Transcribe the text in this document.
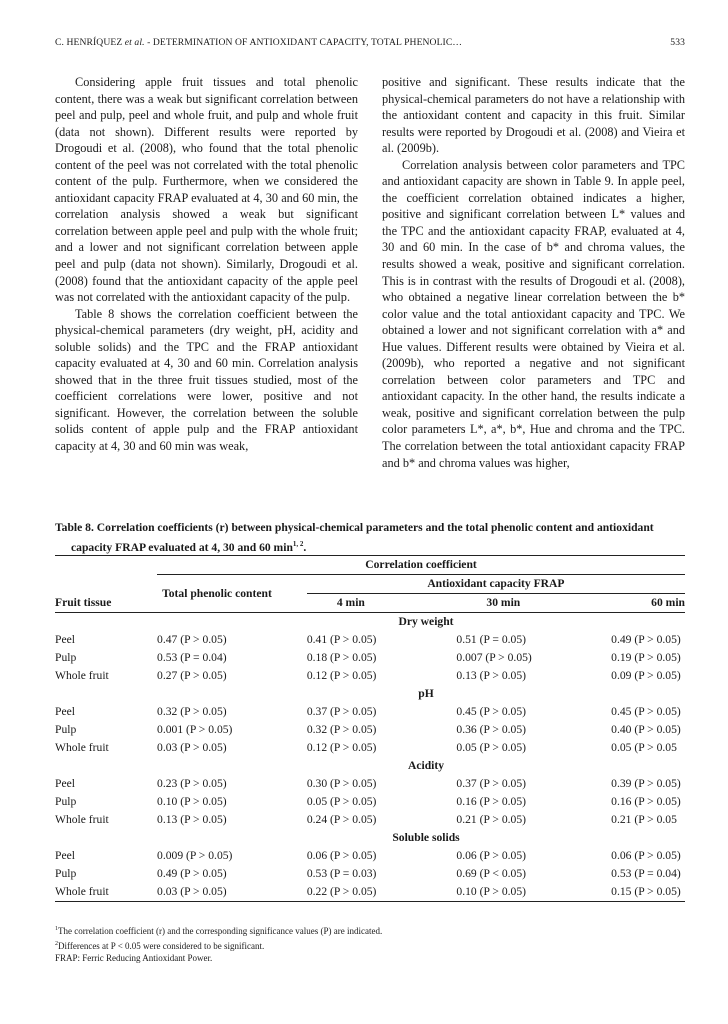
C. HENRÍQUEZ et al. - DETERMINATION OF ANTIOXIDANT CAPACITY, TOTAL PHENOLIC…	533

Considering apple fruit tissues and total phenolic content, there was a weak but significant correlation between peel and pulp, peel and whole fruit, and pulp and whole fruit (data not shown). Different results were reported by Drogoudi et al. (2008), who found that the total phenolic content of the peel was not correlated with the total phenolic content of the pulp. Furthermore, when we considered the antioxidant capacity FRAP evaluated at 4, 30 and 60 min, the correlation analysis showed a weak but significant correlation between apple peel and pulp with the whole fruit; and a lower and not significant correlation between apple peel and pulp (data not shown). Similarly, Drogoudi et al. (2008) found that the antioxidant capacity of the apple peel was not correlated with the antioxidant capacity of the pulp.

Table 8 shows the correlation coefficient between the physical-chemical parameters (dry weight, pH, acidity and soluble solids) and the TPC and the FRAP antioxidant capacity evaluated at 4, 30 and 60 min. Correlation analysis showed that in the three fruit tissues studied, most of the coefficient correlations were lower, positive and not significant. However, the correlation between the soluble solids content of apple pulp and the FRAP antioxidant capacity at 4, 30 and 60 min was weak,

positive and significant. These results indicate that the physical-chemical parameters do not have a relationship with the antioxidant content and capacity in this fruit. Similar results were reported by Drogoudi et al. (2008) and Vieira et al. (2009b).

Correlation analysis between color parameters and TPC and antioxidant capacity are shown in Table 9. In apple peel, the coefficient correlation obtained indicates a higher, positive and significant correlation between L* values and the TPC and the antioxidant capacity FRAP, evaluated at 4, 30 and 60 min. In the case of b* and chroma values, the results showed a weak, positive and significant correlation. This is in contrast with the results of Drogoudi et al. (2008), who obtained a negative linear correlation between the b* color value and the total antioxidant capacity and TPC. We obtained a lower and not significant correlation with a* and Hue values. Different results were obtained by Vieira et al. (2009b), who reported a negative and not significant correlation between color parameters and TPC and antioxidant capacity. In the other hand, the results indicate a weak, positive and significant correlation between the pulp color parameters L*, a*, b*, Hue and chroma and the TPC. The correlation between the total antioxidant capacity FRAP and b* and chroma values was higher,

Table 8. Correlation coefficients (r) between physical-chemical parameters and the total phenolic content and antioxidant
capacity FRAP evaluated at 4, 30 and 60 $\min^{1, 2}$.
	Correlation coefficient			
Fruit tissue	Total phenolic content	Antioxidant capacity FRAP		
		4 min	30 min	60 min
Dry weight				
Peel	0.47 (P > 0.05)	0.41 (P > 0.05)	0.51 (P = 0.05)	0.49 (P > 0.05)
Pulp	0.53 (P = 0.04)	0.18 (P > 0.05)	0.007 (P > 0.05)	0.19 (P > 0.05)
Whole fruit	0.27 (P > 0.05)	0.12 (P > 0.05)	0.13 (P > 0.05)	0.09 (P > 0.05)
pH				
Peel	0.32 (P > 0.05)	0.37 (P > 0.05)	0.45 (P > 0.05)	0.45 (P > 0.05)
Pulp	0.001 (P > 0.05)	0.32 (P > 0.05)	0.36 (P > 0.05)	0.40 (P > 0.05)
Whole fruit	0.03 (P > 0.05)	0.12 (P > 0.05)	0.05 (P > 0.05)	0.05 (P > 0.05
Acidity				
Peel	0.23 (P > 0.05)	0.30 (P > 0.05)	0.37 (P > 0.05)	0.39 (P > 0.05)
Pulp	0.10 (P > 0.05)	0.05 (P > 0.05)	0.16 (P > 0.05)	0.16 (P > 0.05)
Whole fruit	0.13 (P > 0.05)	0.24 (P > 0.05)	0.21 (P > 0.05)	0.21 (P > 0.05
Soluble solids				
Peel	0.009 (P > 0.05)	0.06 (P > 0.05)	0.06 (P > 0.05)	0.06 (P > 0.05)
Pulp	0.49 (P > 0.05)	0.53 (P = 0.03)	0.69 (P < 0.05)	0.53 (P = 0.04)
Whole fruit	0.03 (P > 0.05)	0.22 (P > 0.05)	0.10 (P > 0.05)	0.15 (P > 0.05)
$^1$The correlation coefficient (r) and the corresponding significance values (P) are indicated.
$^2$Differences at P < 0.05 were considered to be significant.
FRAP: Ferric Reducing Antioxidant Power.
